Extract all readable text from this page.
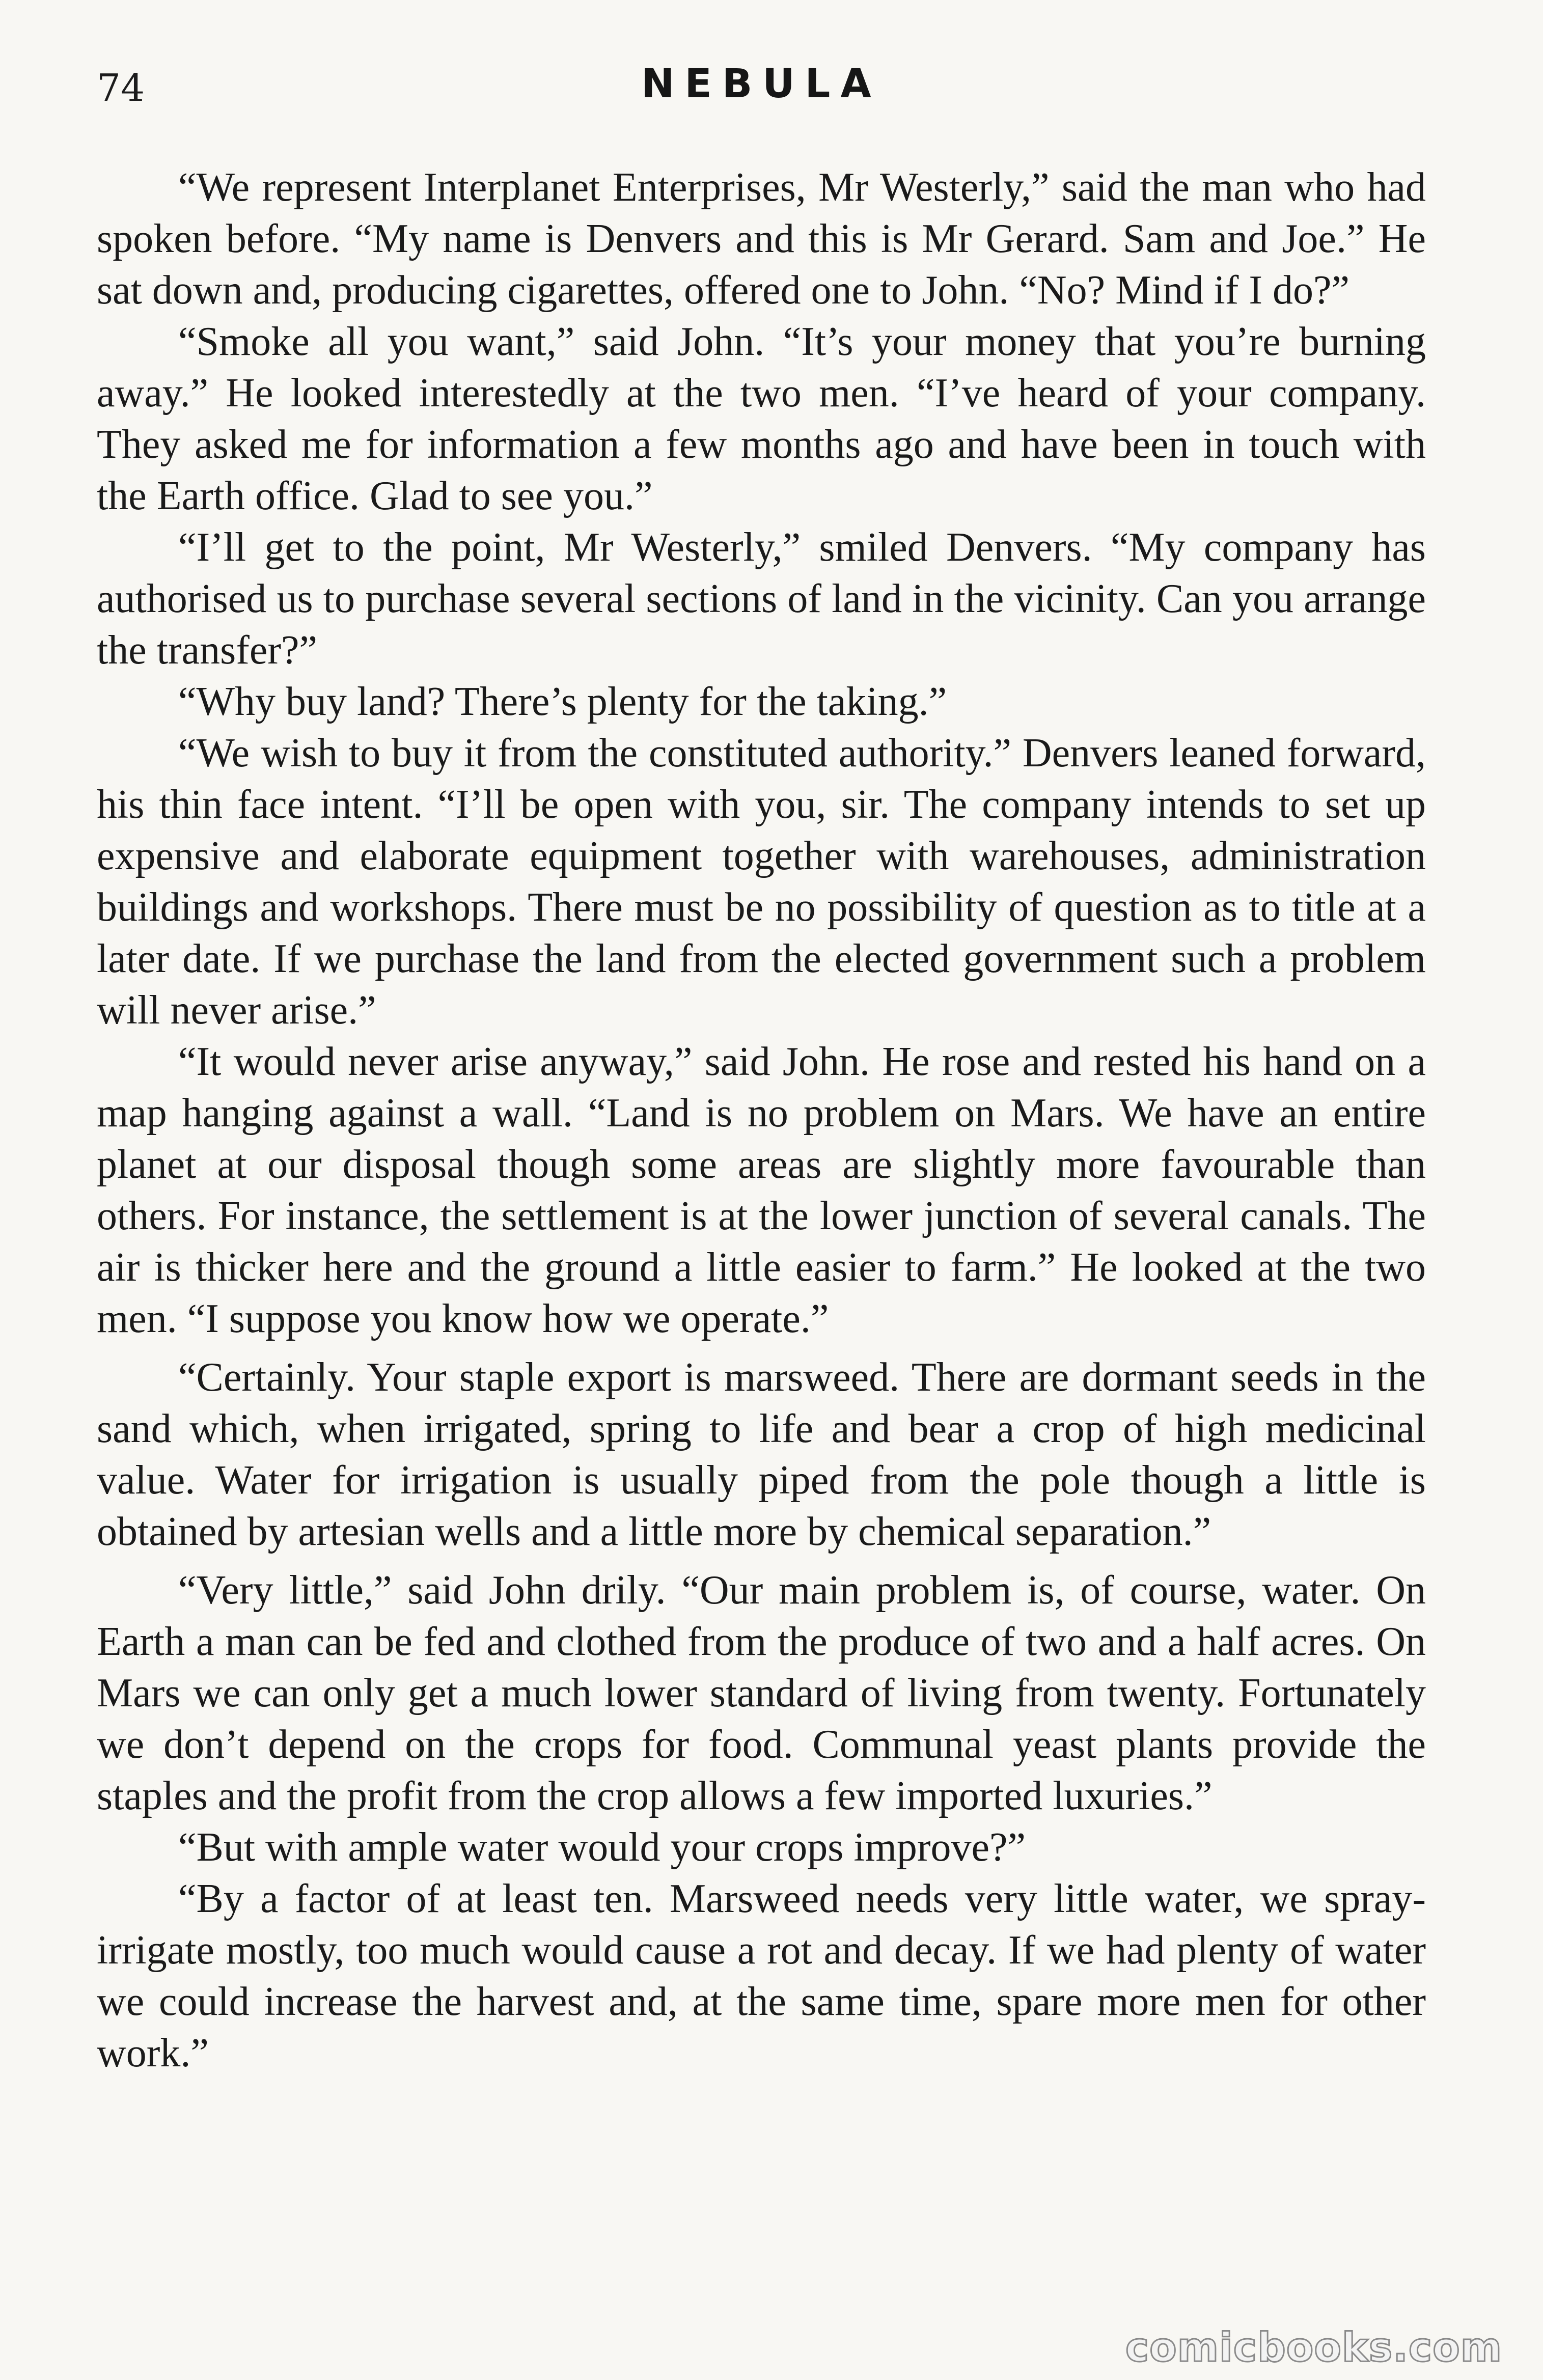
74	NEBULA

“We represent Interplanet Enterprises, Mr Westerly,” said the man who had spoken before. “My name is Denvers and this is Mr Gerard. Sam and Joe.” He sat down and, producing cigarettes, offered one to John. “No? Mind if I do?”

“Smoke all you want,” said John. “It’s your money that you’re burning away.” He looked interestedly at the two men. “I’ve heard of your company. They asked me for information a few months ago and have been in touch with the Earth office. Glad to see you.”

“I’ll get to the point, Mr Westerly,” smiled Denvers. “My company has authorised us to purchase several sections of land in the vicinity. Can you arrange the transfer?”

“Why buy land? There’s plenty for the taking.”

“We wish to buy it from the constituted authority.” Denvers leaned forward, his thin face intent. “I’ll be open with you, sir. The company intends to set up expensive and elaborate equipment together with warehouses, administration buildings and workshops. There must be no possibility of question as to title at a later date. If we purchase the land from the elected government such a problem will never arise.”

“It would never arise anyway,” said John. He rose and rested his hand on a map hanging against a wall. “Land is no problem on Mars. We have an entire planet at our disposal though some areas are slightly more favourable than others. For instance, the settlement is at the lower junction of several canals. The air is thicker here and the ground a little easier to farm.” He looked at the two men. “I suppose you know how we operate.”

“Certainly. Your staple export is marsweed. There are dormant seeds in the sand which, when irrigated, spring to life and bear a crop of high medicinal value. Water for irrigation is usually piped from the pole though a little is obtained by artesian wells and a little more by chemical separation.”

“Very little,” said John drily. “Our main problem is, of course, water. On Earth a man can be fed and clothed from the produce of two and a half acres. On Mars we can only get a much lower standard of living from twenty. Fortunately we don’t depend on the crops for food. Communal yeast plants provide the staples and the profit from the crop allows a few imported luxuries.”

“But with ample water would your crops improve?”

“By a factor of at least ten. Marsweed needs very little water, we spray-irrigate mostly, too much would cause a rot and decay. If we had plenty of water we could increase the harvest and, at the same time, spare more men for other work.”

comicbooks.com
